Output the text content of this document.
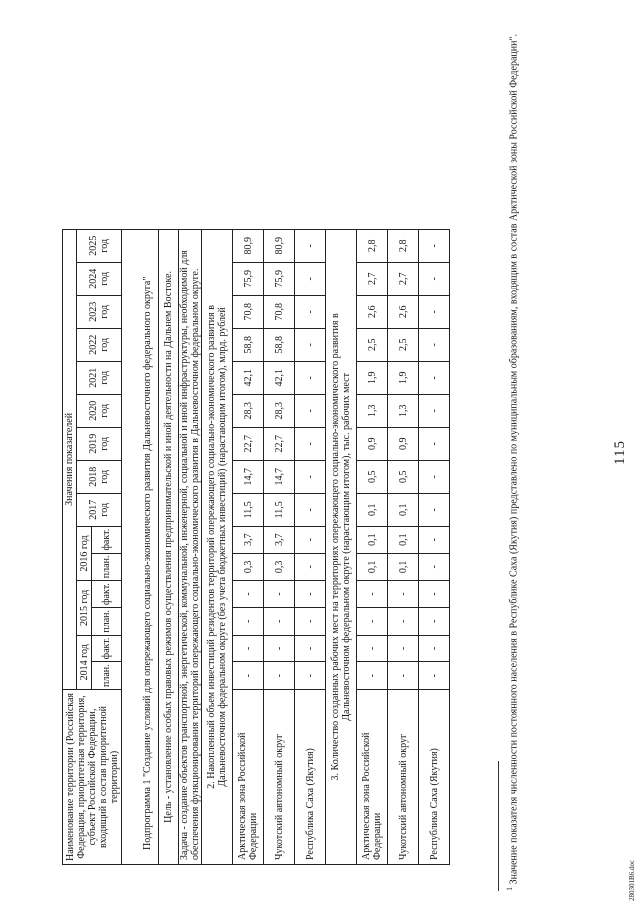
Наименование территории (Российская Федерация, приоритетная территория, субъект Российской Федерации, входящий в состав приоритетной территории)	Значения показателей														
	2014 год		2015 год		2016 год		2017 год	2018 год	2019 год	2020 год	2021 год	2022 год	2023 год	2024 год	2025 год
	план.	факт.	план.	факт.	план.	факт.									
Подпрограмма 1 "Создание условий для опережающего социально-экономического развития Дальневосточного федерального округа"															
Цель - установление особых правовых режимов осуществления предпринимательской и иной деятельности на Дальнем Востоке.															
Задача - создание объектов транспортной, энергетической, коммунальной, инженерной, социальной и иной инфраструктуры, необходимой для обеспечения функционирования территорий опережающего социально-экономического развития в Дальневосточном федеральном округе.															
2. Накопленный объем инвестиций резидентов территорий опережающего социально-экономического развития в Дальневосточном федеральном округе (без учета бюджетных инвестиций) (нарастающим итогом), млрд. рублей															
Арктическая зона Российской Федерации	-	-	-	-	0,3	3,7	11,5	14,7	22,7	28,3	42,1	58,8	70,8	75,9	80,9
Чукотский автономный округ	-	-	-	-	0,3	3,7	11,5	14,7	22,7	28,3	42,1	58,8	70,8	75,9	80,9
Республика Саха (Якутия)	-	-	-	-	-	-	-	-	-	-	-	-	-	-	-
3. Количество созданных рабочих мест на территориях опережающего социально-экономического развития в Дальневосточном федеральном округе (нарастающим итогом), тыс. рабочих мест															
Арктическая зона Российской Федерации	-	-	-	-	0,1	0,1	0,1	0,5	0,9	1,3	1,9	2,5	2,6	2,7	2,8
Чукотский автономный округ	-	-	-	-	0,1	0,1	0,1	0,5	0,9	1,3	1,9	2,5	2,6	2,7	2,8
Республика Саха (Якутия)	-	-	-	-	-	-	-	-	-	-	-	-	-	-	-
$^1$ Значение показателя численности постоянного населения в Республике Саха (Якутия) представлено по муниципальным образованиям, входящим в состав Арктической зоны Российской Федерации".	115
280301B6.doc
